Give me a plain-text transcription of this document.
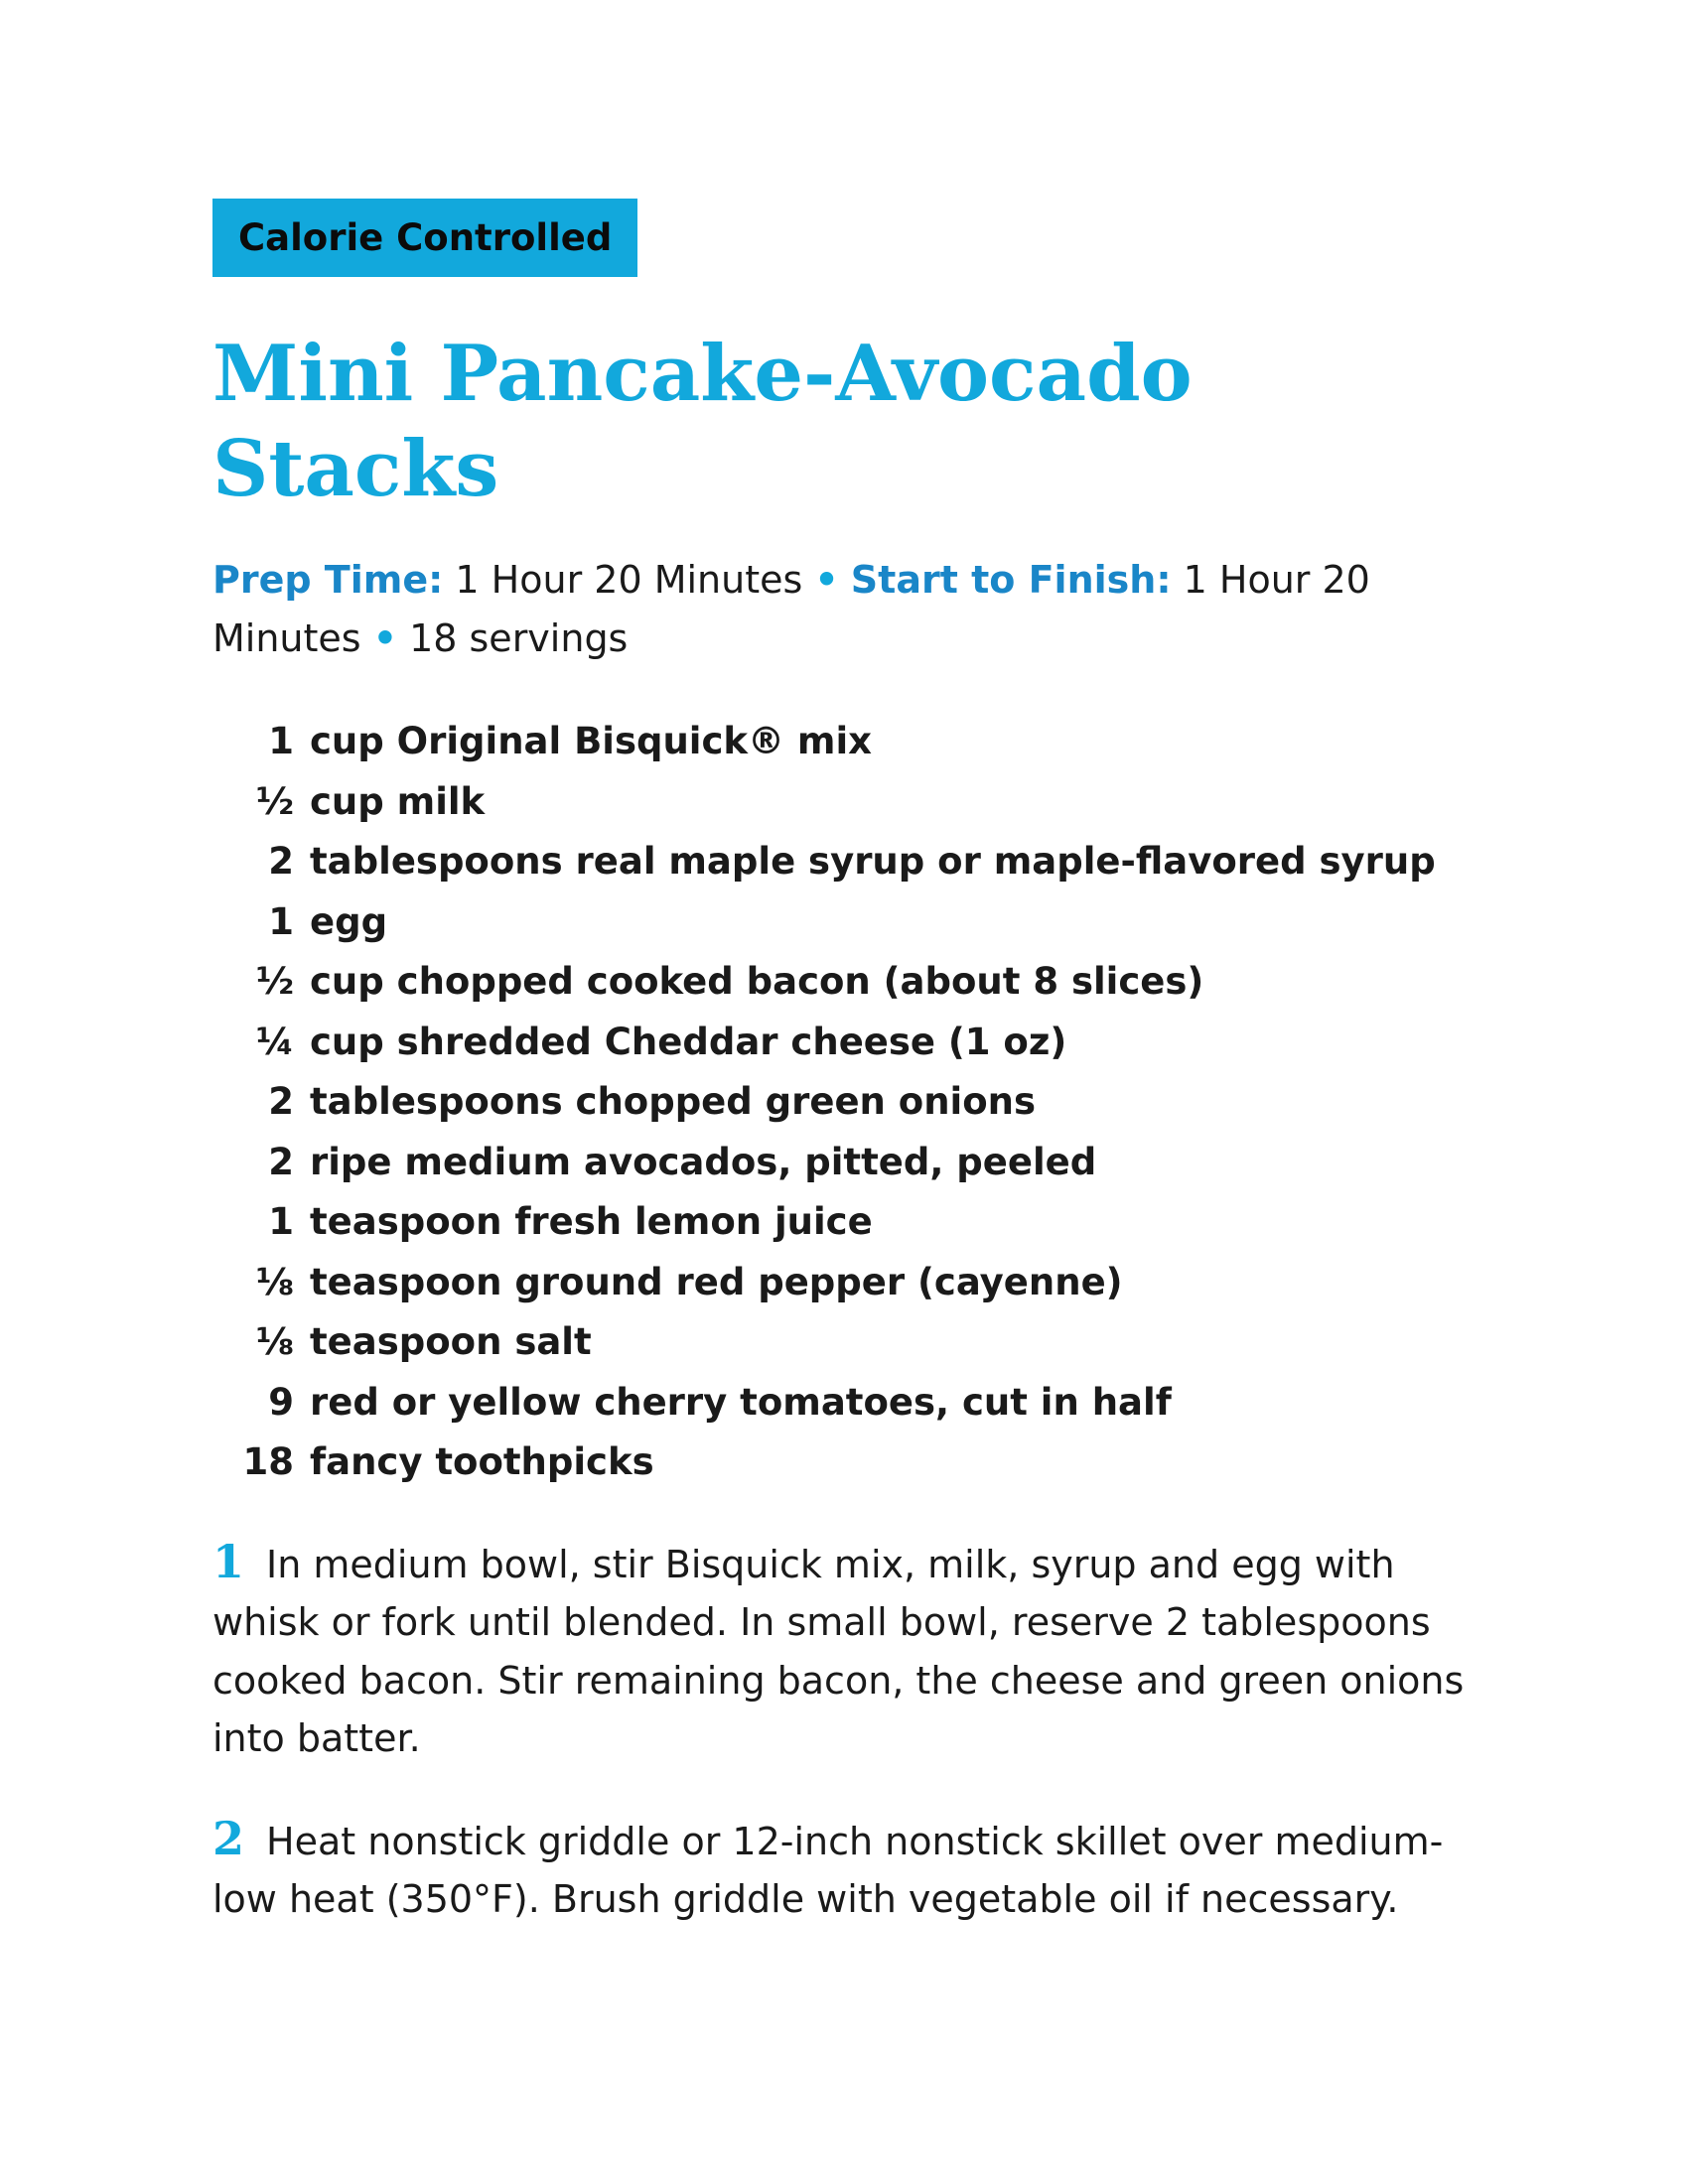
Calorie Controlled
Mini Pancake-Avocado Stacks
Prep Time: 1 Hour 20 Minutes • Start to Finish: 1 Hour 20 Minutes • 18 servings
1 cup Original Bisquick® mix
½ cup milk
2 tablespoons real maple syrup or maple-flavored syrup
1 egg
½ cup chopped cooked bacon (about 8 slices)
¼ cup shredded Cheddar cheese (1 oz)
2 tablespoons chopped green onions
2 ripe medium avocados, pitted, peeled
1 teaspoon fresh lemon juice
⅛ teaspoon ground red pepper (cayenne)
⅛ teaspoon salt
9 red or yellow cherry tomatoes, cut in half
18 fancy toothpicks

1 In medium bowl, stir Bisquick mix, milk, syrup and egg with whisk or fork until blended. In small bowl, reserve 2 tablespoons cooked bacon. Stir remaining bacon, the cheese and green onions into batter.

2 Heat nonstick griddle or 12-inch nonstick skillet over medium-low heat (350°F). Brush griddle with vegetable oil if necessary.
